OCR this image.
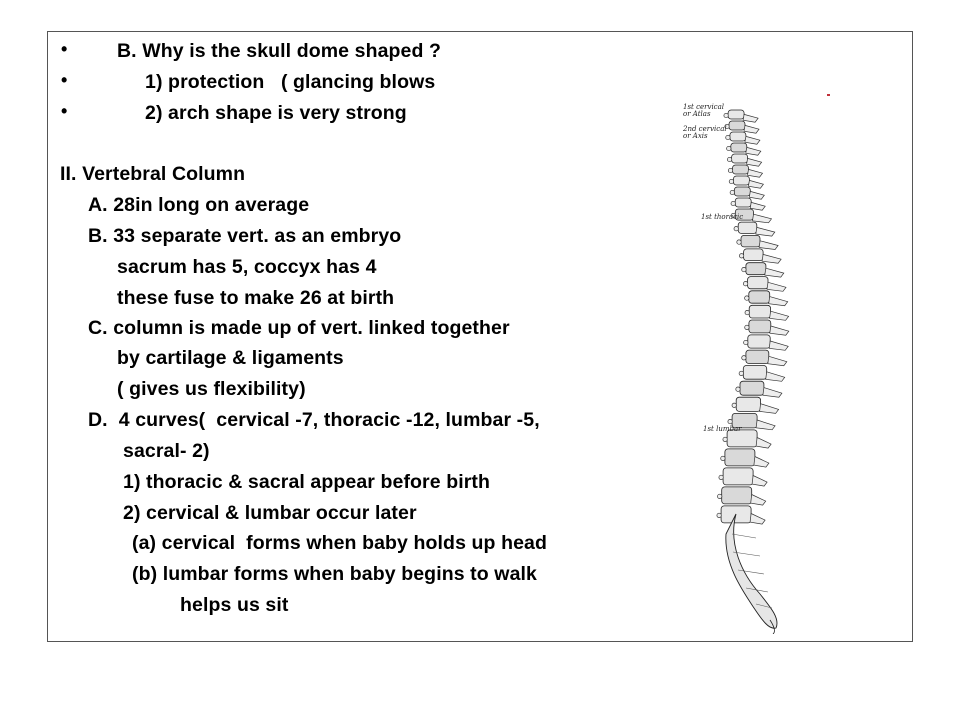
•	B. Why is the skull dome shaped ?
•	1) protection   ( glancing blows
•	2) arch shape is very strong
II. Vertebral Column
A. 28in long on average
B. 33 separate vert. as an embryo
sacrum has 5, coccyx has 4
these fuse to make 26 at birth
C. column is made up of vert. linked together
by cartilage & ligaments
( gives us flexibility)
D.  4 curves(  cervical -7, thoracic -12, lumbar -5,
sacral- 2)
1) thoracic & sacral appear before birth
2) cervical & lumbar occur later
(a) cervical  forms when baby holds up head
(b) lumbar forms when baby begins to walk
helps us sit
1st cervical
or Atlas
2nd cervical
or Axis
1st thoracic
1st lumbar
